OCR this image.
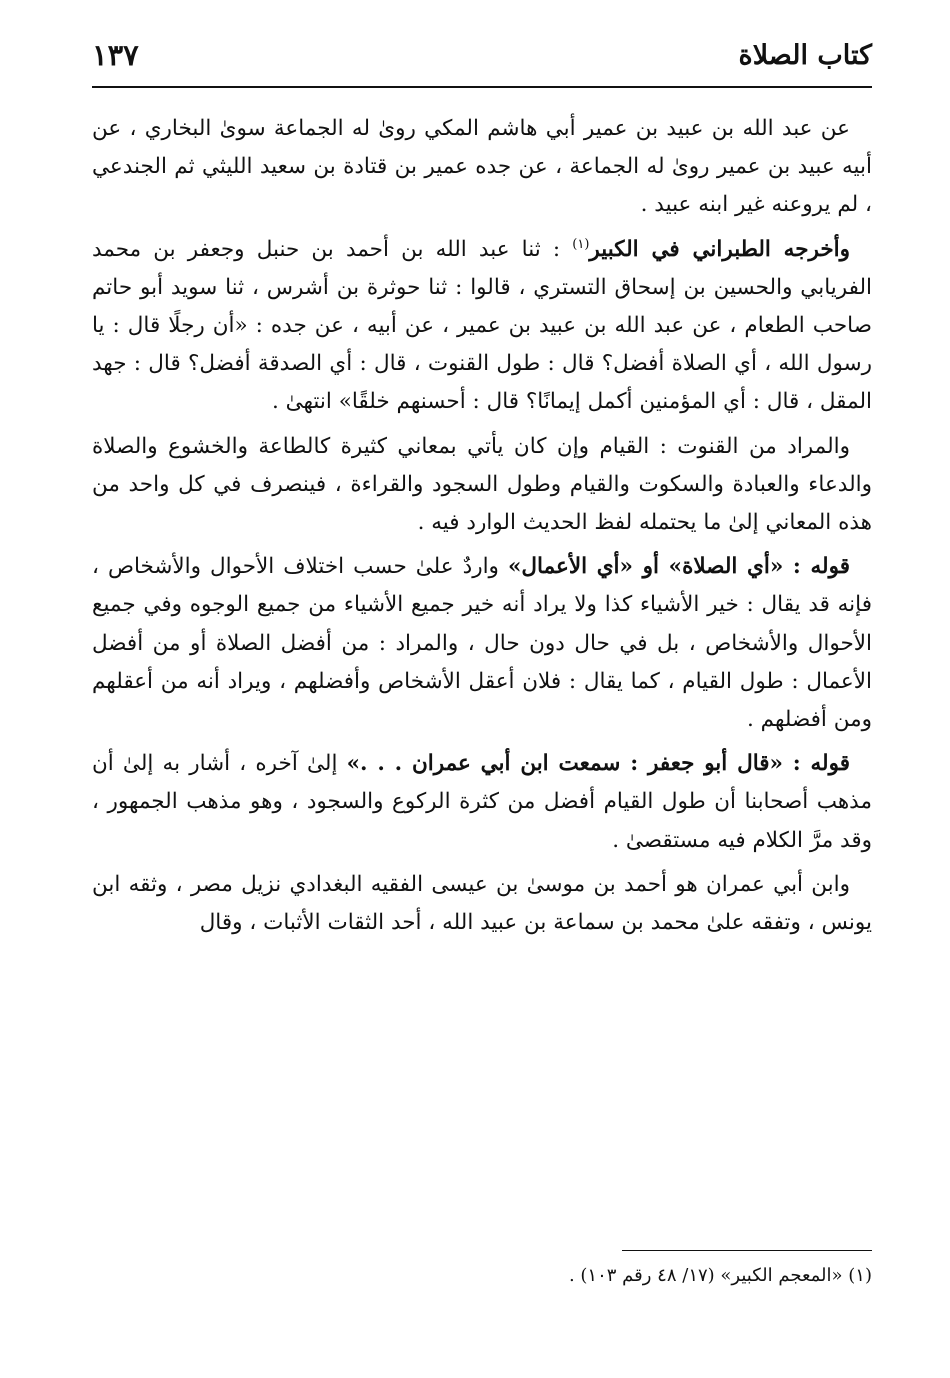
كتاب الصلاة
١٣٧

عن عبد الله بن عبيد بن عمير أبي هاشم المكي روىٰ له الجماعة سوىٰ البخاري ، عن أبيه عبيد بن عمير روىٰ له الجماعة ، عن جده عمير بن قتادة بن سعيد الليثي ثم الجندعي ، لم يروعنه غير ابنه عبيد .

وأخرجه الطبراني في الكبير$^{(١)}$ : ثنا عبد الله بن أحمد بن حنبل وجعفر بن محمد الفريابي والحسين بن إسحاق التستري ، قالوا : ثنا حوثرة بن أشرس ، ثنا سويد أبو حاتم صاحب الطعام ، عن عبد الله بن عبيد بن عمير ، عن أبيه ، عن جده : «أن رجلًا قال : يا رسول الله ، أي الصلاة أفضل؟ قال : طول القنوت ، قال : أي الصدقة أفضل؟ قال : جهد المقل ، قال : أي المؤمنين أكمل إيمانًا؟ قال : أحسنهم خلقًا» انتهىٰ .

والمراد من القنوت : القيام وإن كان يأتي بمعاني كثيرة كالطاعة والخشوع والصلاة والدعاء والعبادة والسكوت والقيام وطول السجود والقراءة ، فينصرف في كل واحد من هذه المعاني إلىٰ ما يحتمله لفظ الحديث الوارد فيه .

قوله : «أي الصلاة» أو «أي الأعمال» واردٌ علىٰ حسب اختلاف الأحوال والأشخاص ، فإنه قد يقال : خير الأشياء كذا ولا يراد أنه خير جميع الأشياء من جميع الوجوه وفي جميع الأحوال والأشخاص ، بل في حال دون حال ، والمراد : من أفضل الصلاة أو من أفضل الأعمال : طول القيام ، كما يقال : فلان أعقل الأشخاص وأفضلهم ، ويراد أنه من أعقلهم ومن أفضلهم .

قوله : «قال أبو جعفر : سمعت ابن أبي عمران . . .» إلىٰ آخره ، أشار به إلىٰ أن مذهب أصحابنا أن طول القيام أفضل من كثرة الركوع والسجود ، وهو مذهب الجمهور ، وقد مرَّ الكلام فيه مستقصىٰ .

وابن أبي عمران هو أحمد بن موسىٰ بن عيسى الفقيه البغدادي نزيل مصر ، وثقه ابن يونس ، وتفقه علىٰ محمد بن سماعة بن عبيد الله ، أحد الثقات الأثبات ، وقال

(١) «المعجم الكبير» (١٧/ ٤٨ رقم ١٠٣) .
